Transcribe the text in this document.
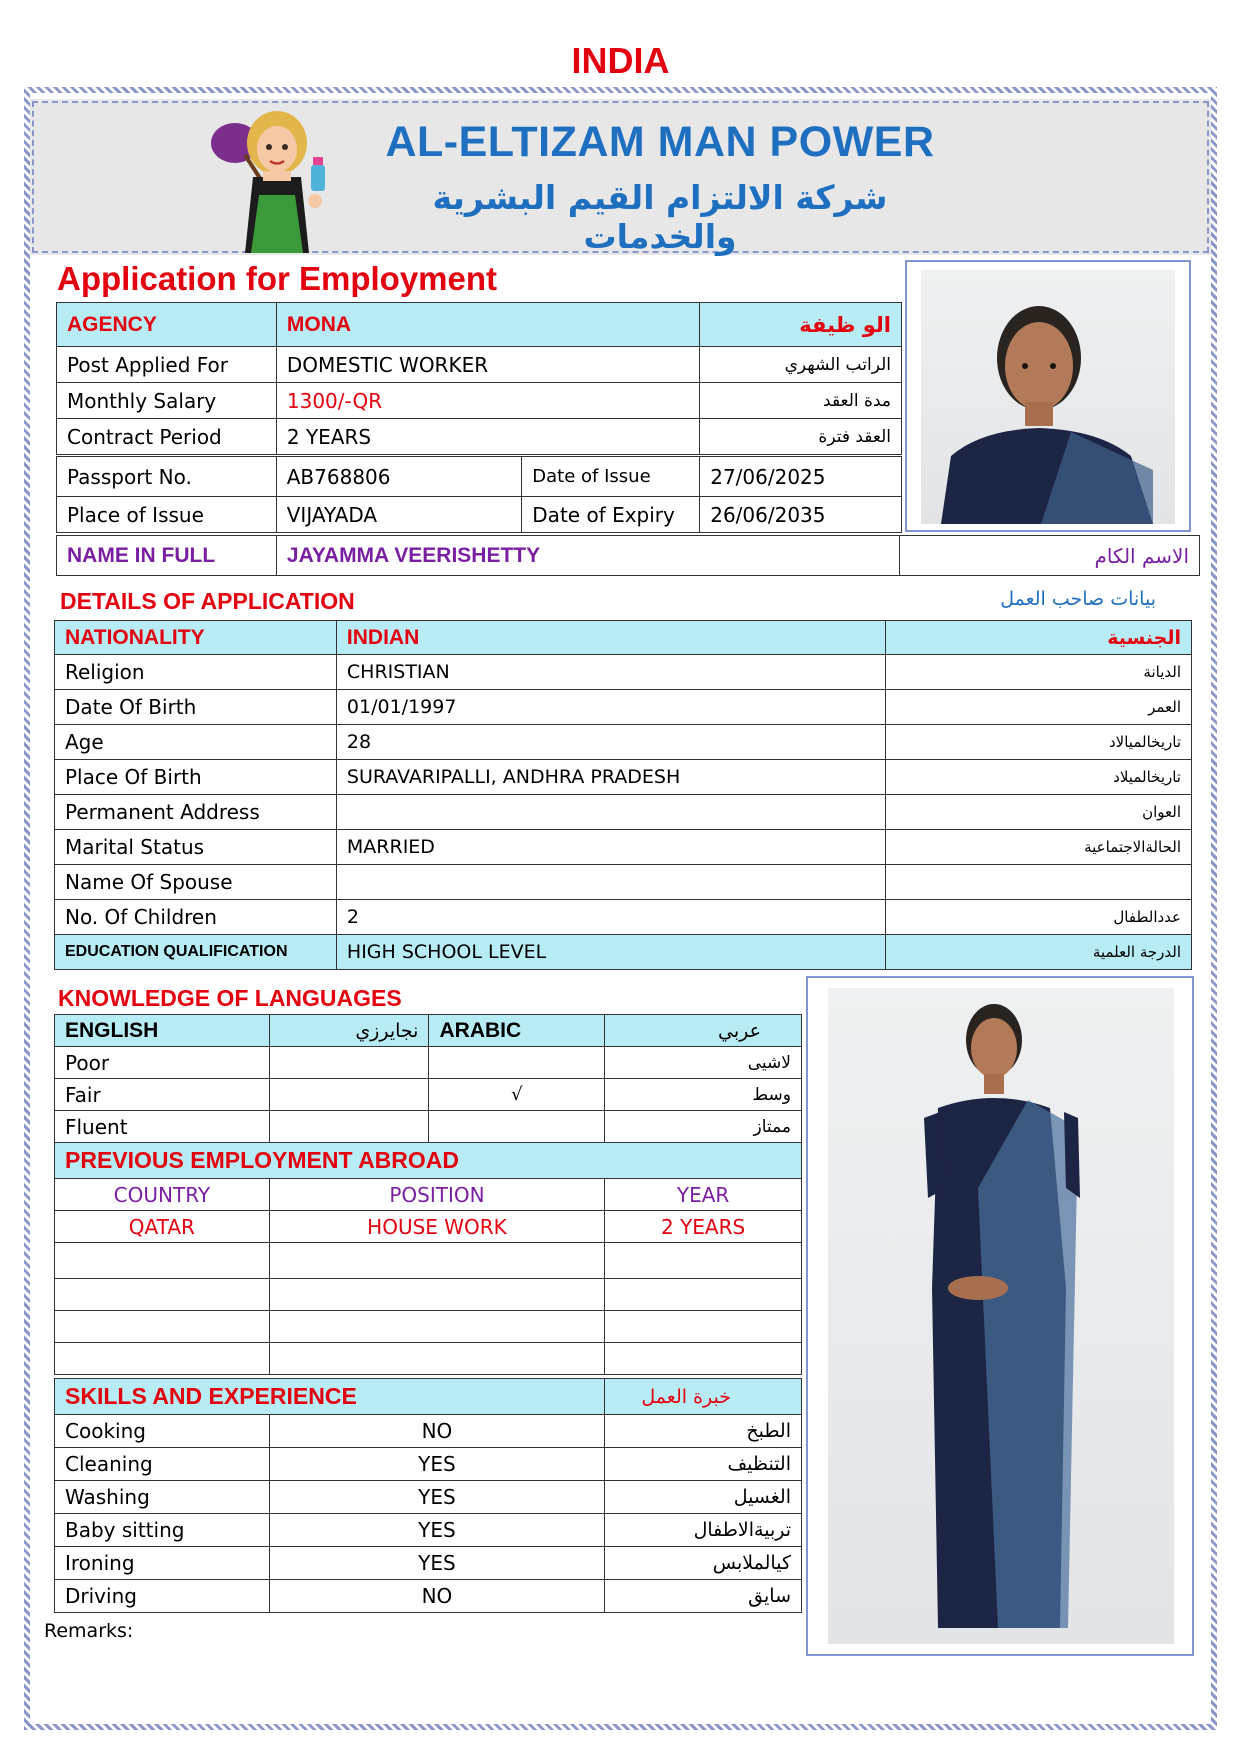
INDIA
AL-ELTIZAM MAN POWER
شركة الالتزام القيم البشرية والخدمات
Application for Employment
AGENCY	MONA	الو ظيفة
Post Applied For	DOMESTIC WORKER	الراتب الشهري
Monthly Salary	1300/-QR	مدة العقد
Contract Period	2 YEARS	العقد فترة
Passport No.	AB768806	Date of Issue	27/06/2025
Place of Issue	VIJAYADA	Date of Expiry	26/06/2035
NAME IN FULL	JAYAMMA VEERISHETTY	الاسم الكام
DETAILS OF APPLICATION	بيانات صاحب العمل
NATIONALITY	INDIAN	الجنسية
Religion	CHRISTIAN	الديانة
Date Of Birth	01/01/1997	العمر
Age	28	تاريخالميالاد
Place Of Birth	SURAVARIPALLI, ANDHRA PRADESH	تاريخالميلاد
Permanent Address		العوان
Marital Status	MARRIED	الحالةالاجتماعية
Name Of Spouse		
No. Of Children	2	عددالطفال
EDUCATION QUALIFICATION	HIGH SCHOOL LEVEL	الدرجة العلمية
KNOWLEDGE OF LANGUAGES
ENGLISH	نجايرزي	ARABIC	عربي
Poor			لاشيى
Fair		√	وسط
Fluent			ممتاز
PREVIOUS EMPLOYMENT ABROAD		
COUNTRY	POSITION	YEAR
QATAR	HOUSE WORK	2 YEARS

SKILLS AND EXPERIENCE		خبرة العمل
Cooking	NO	الطبخ
Cleaning	YES	التنظيف
Washing	YES	الغسيل
Baby sitting	YES	تربيةالاطفال
Ironing	YES	كيالملابس
Driving	NO	سايق
Remarks:
